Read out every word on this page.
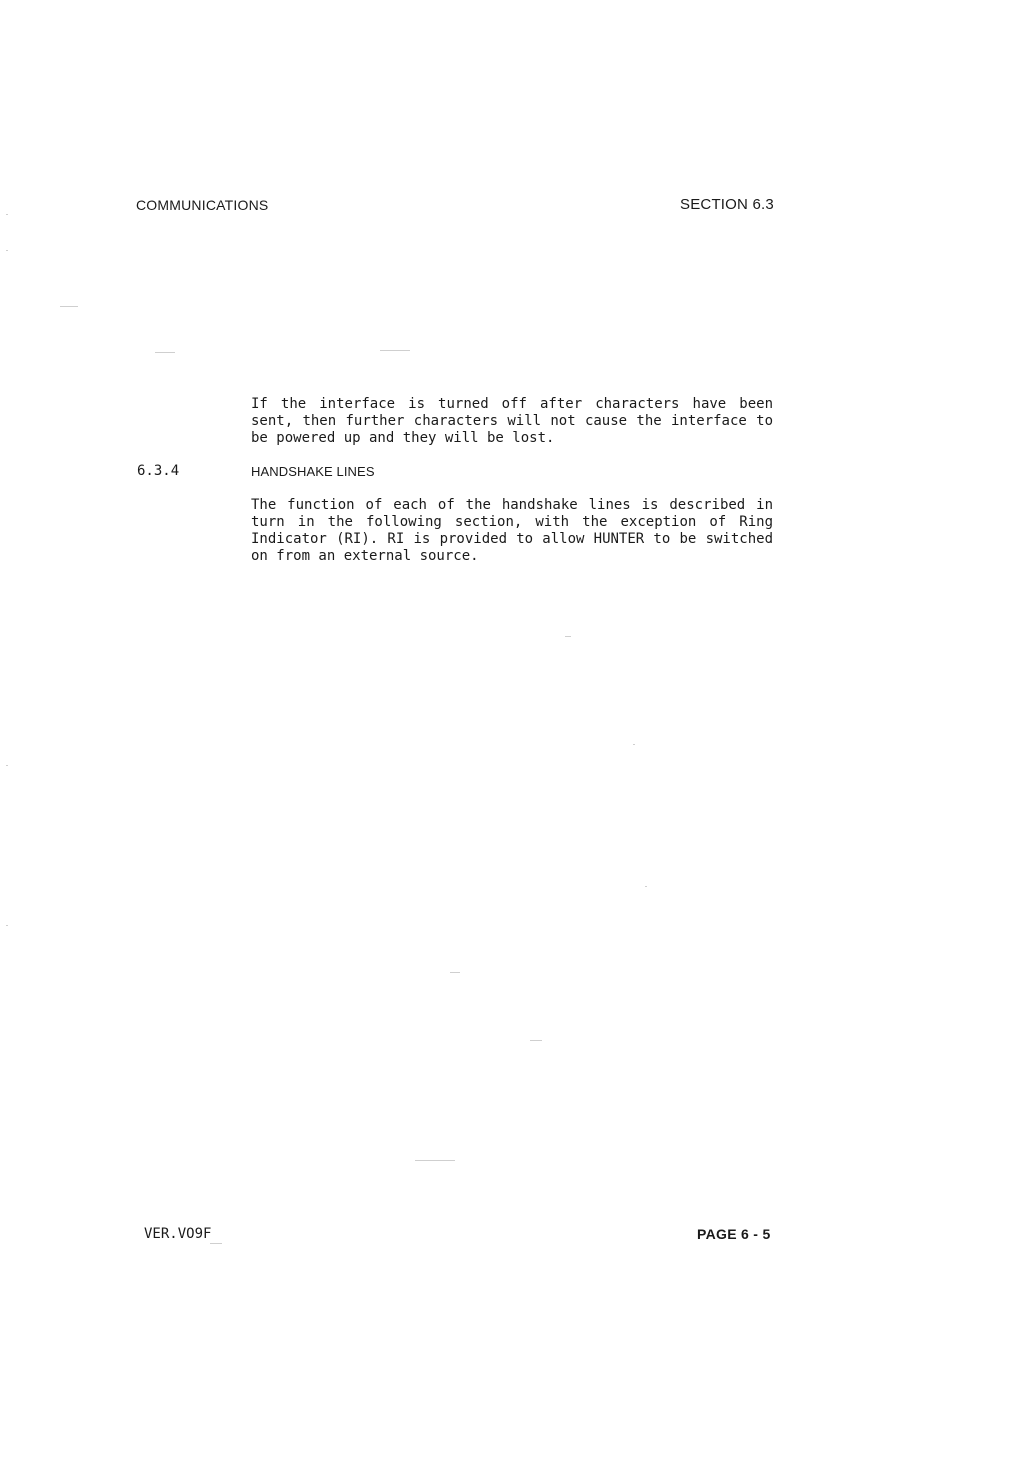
COMMUNICATIONS	SECTION 6.3
If the interface is turned off after characters have been sent, then further characters will not cause the interface to be powered up and they will be lost.
6.3.4	HANDSHAKE LINES
The function of each of the handshake lines is described in turn in the following section, with the exception of Ring Indicator (RI). RI is provided to allow HUNTER to be switched on from an external source.
VER.VO9F	PAGE 6 - 5
